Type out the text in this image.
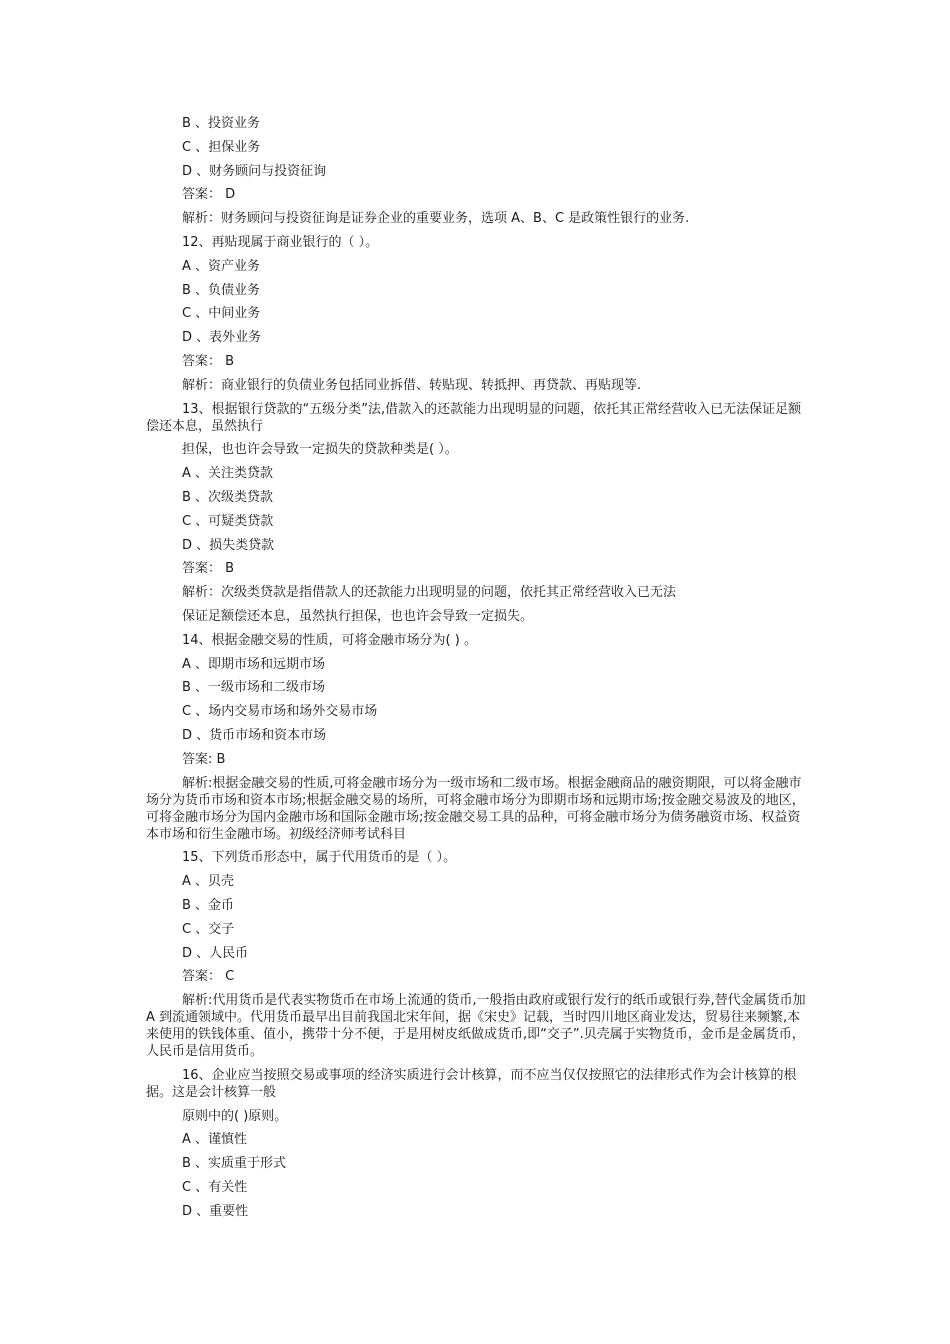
B 、投资业务
C 、担保业务
D 、财务顾问与投资征询
答案： D
解析：财务顾问与投资征询是证券企业的重要业务，选项 A、B、C 是政策性银行的业务.
12、再贴现属于商业银行的（ ）。
A 、资产业务
B 、负债业务
C 、中间业务
D 、表外业务
答案： B
解析：商业银行的负债业务包括同业拆借、转贴现、转抵押、再贷款、再贴现等.
13、根据银行贷款的“五级分类”法,借款入的还款能力出现明显的问题，依托其正常经营收入已无法保证足额偿还本息，虽然执行
担保，也也许会导致一定损失的贷款种类是( ）。
A 、关注类贷款
B 、次级类贷款
C 、可疑类贷款
D 、损失类贷款
答案： B
解析：次级类贷款是指借款人的还款能力出现明显的问题，依托其正常经营收入已无法
保证足额偿还本息，虽然执行担保，也也许会导致一定损失。
14、根据金融交易的性质，可将金融市场分为( ) 。
A 、即期市场和远期市场
B 、一级市场和二级市场
C 、场内交易市场和场外交易市场
D 、货币市场和资本市场
答案: B
解析:根据金融交易的性质,可将金融市场分为一级市场和二级市场。根据金融商品的融资期限，可以将金融市场分为货币市场和资本市场;根据金融交易的场所，可将金融市场分为即期市场和远期市场;按金融交易波及的地区，可将金融市场分为国内金融市场和国际金融市场;按金融交易工具的品种，可将金融市场分为债务融资市场、权益资本市场和衍生金融市场。初级经济师考试科目
15、下列货币形态中，属于代用货币的是（ ）。
A 、贝壳
B 、金币
C 、交子
D 、人民币
答案： C
解析:代用货币是代表实物货币在市场上流通的货币,一般指由政府或银行发行的纸币或银行券,替代金属货币加 A 到流通领域中。代用货币最早出目前我国北宋年间，据《宋史》记载，当时四川地区商业发达，贸易往来频繁,本来使用的铁钱体重、值小，携带十分不便，于是用树皮纸做成货币,即“交子”.贝壳属于实物货币，金币是金属货币，人民币是信用货币。
16、企业应当按照交易或事项的经济实质进行会计核算，而不应当仅仅按照它的法律形式作为会计核算的根据。这是会计核算一般
原则中的( )原则。
A 、谨慎性
B 、实质重于形式
C 、有关性
D 、重要性
